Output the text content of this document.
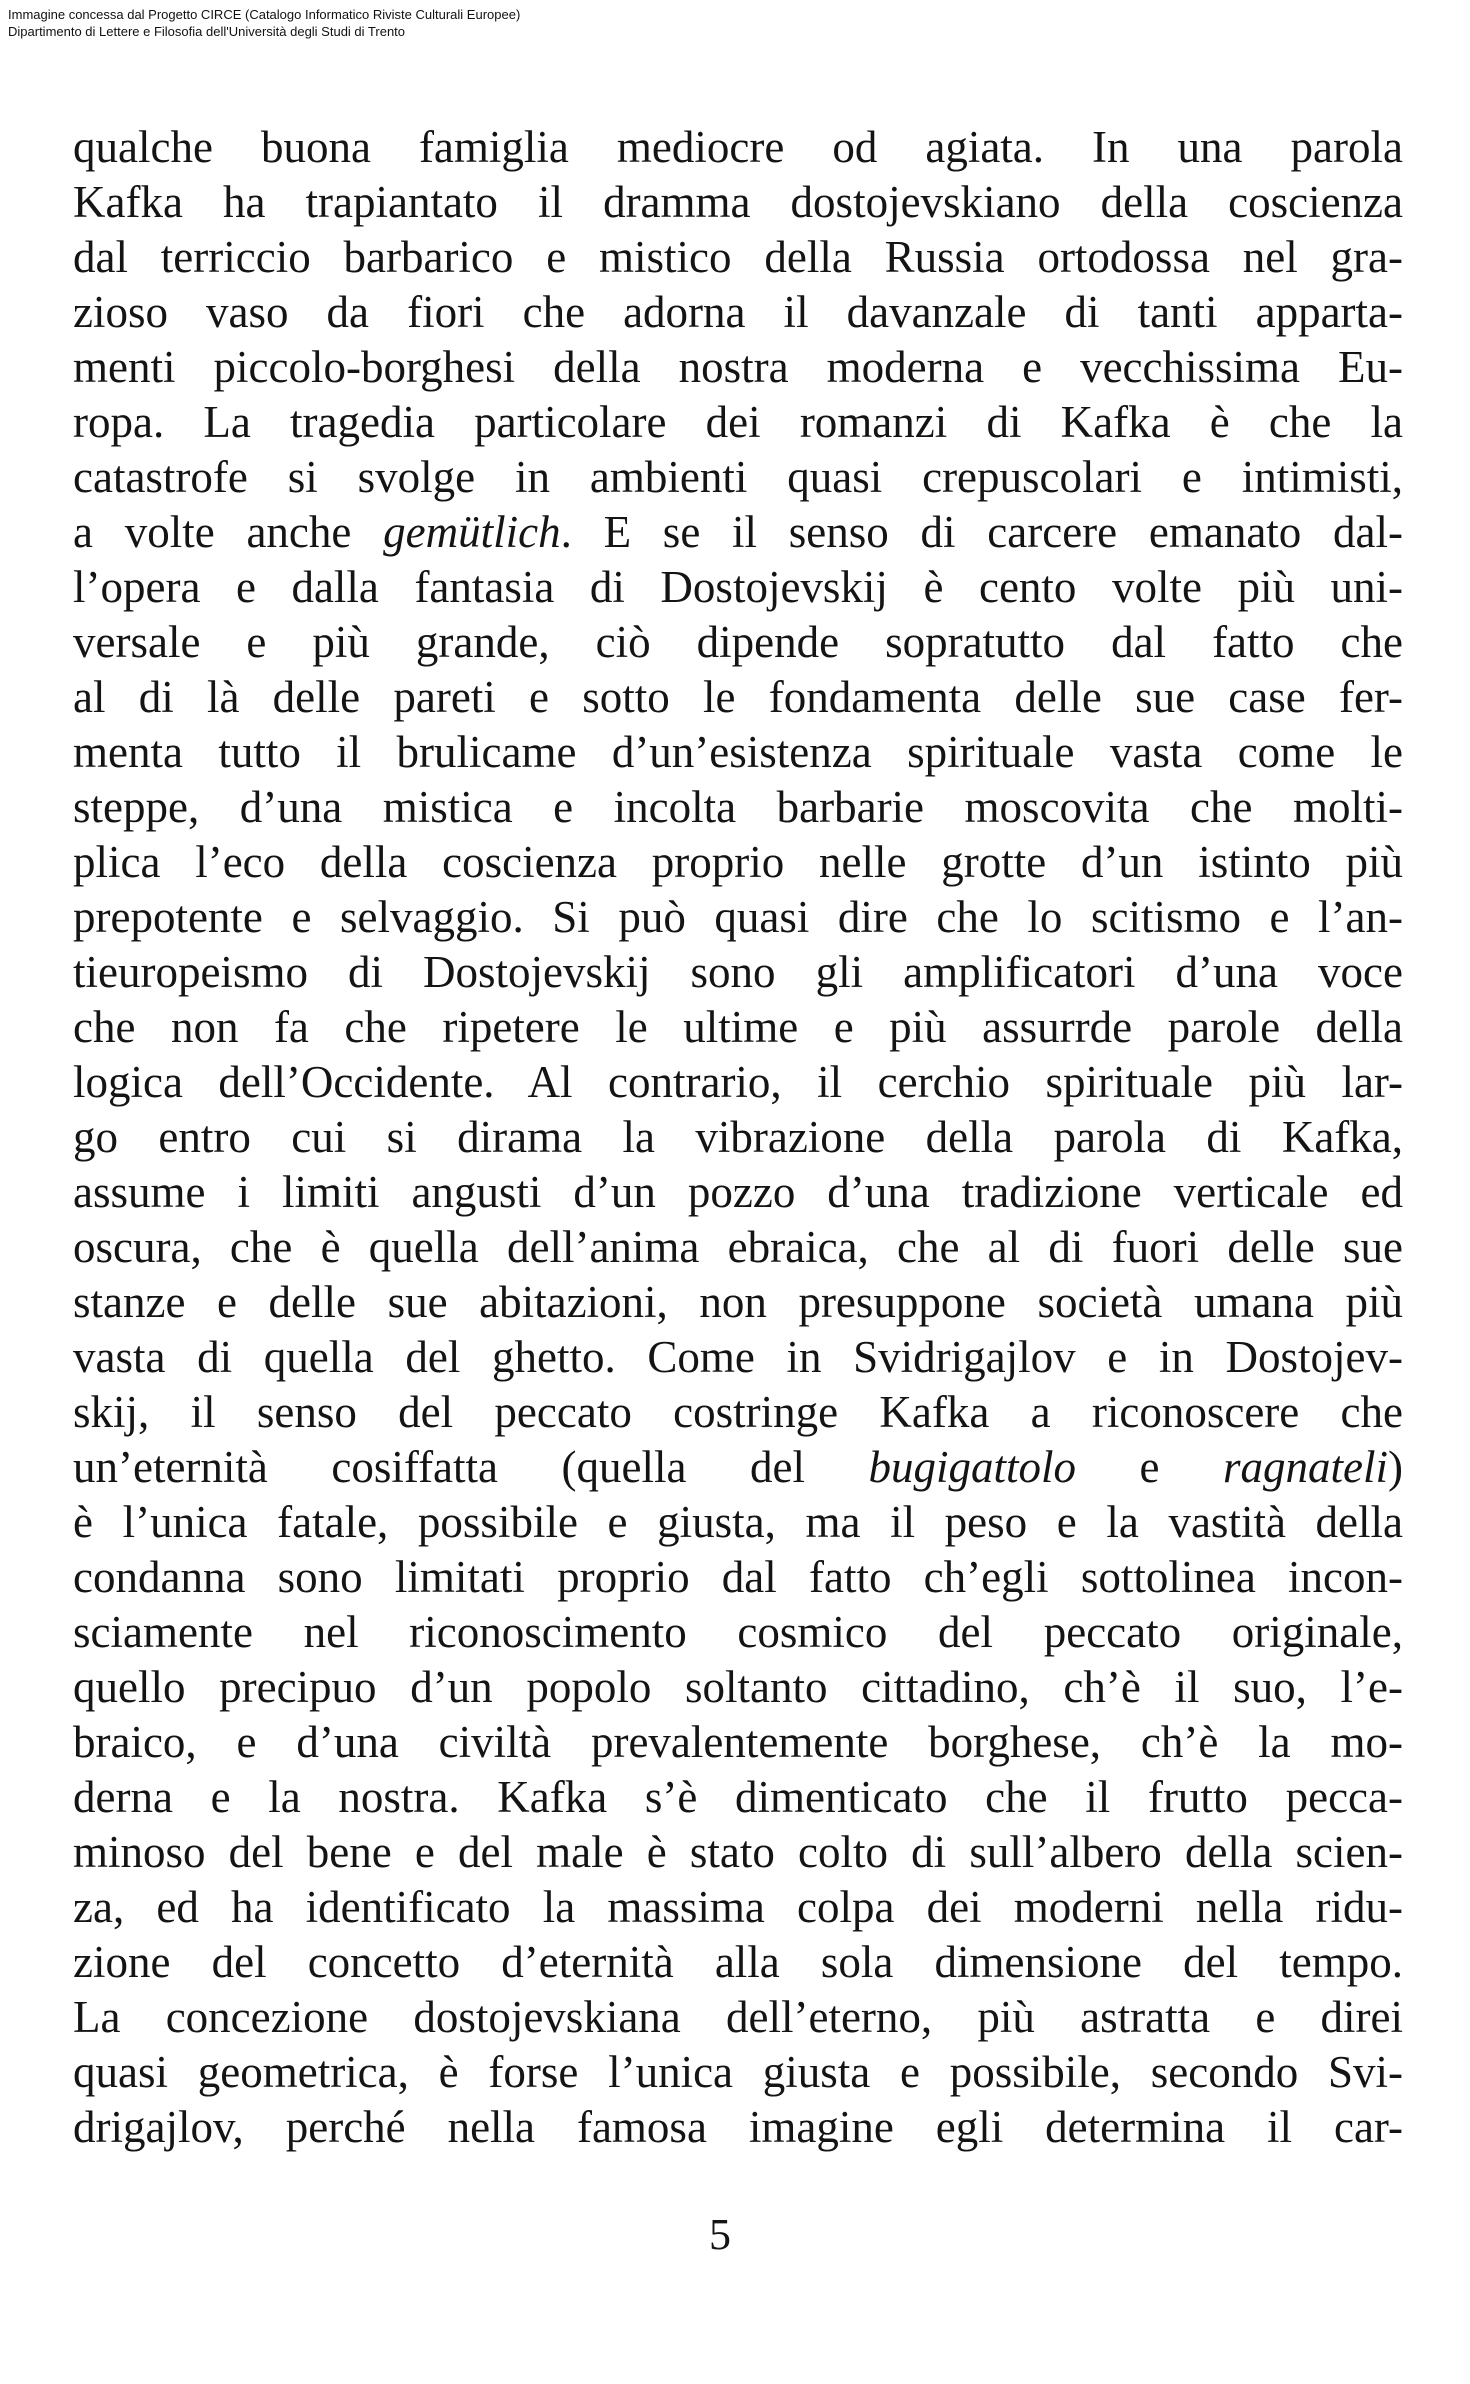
Immagine concessa dal Progetto CIRCE (Catalogo Informatico Riviste Culturali Europee)
Dipartimento di Lettere e Filosofia dell'Università degli Studi di Trento
qualche buona famiglia mediocre od agiata. In una parola
Kafka ha trapiantato il dramma dostojevskiano della coscienza
dal terriccio barbarico e mistico della Russia ortodossa nel gra-
zioso vaso da fiori che adorna il davanzale di tanti apparta-
menti piccolo-borghesi della nostra moderna e vecchissima Eu-
ropa. La tragedia particolare dei romanzi di Kafka è che la
catastrofe si svolge in ambienti quasi crepuscolari e intimisti,
a volte anche gemütlich. E se il senso di carcere emanato dal-
l’opera e dalla fantasia di Dostojevskij è cento volte più uni-
versale e più grande, ciò dipende sopratutto dal fatto che
al di là delle pareti e sotto le fondamenta delle sue case fer-
menta tutto il brulicame d’un’esistenza spirituale vasta come le
steppe, d’una mistica e incolta barbarie moscovita che molti-
plica l’eco della coscienza proprio nelle grotte d’un istinto più
prepotente e selvaggio. Si può quasi dire che lo scitismo e l’an-
tieuropeismo di Dostojevskij sono gli amplificatori d’una voce
che non fa che ripetere le ultime e più assurrde parole della
logica dell’Occidente. Al contrario, il cerchio spirituale più lar-
go entro cui si dirama la vibrazione della parola di Kafka,
assume i limiti angusti d’un pozzo d’una tradizione verticale ed
oscura, che è quella dell’anima ebraica, che al di fuori delle sue
stanze e delle sue abitazioni, non presuppone società umana più
vasta di quella del ghetto. Come in Svidrigajlov e in Dostojev-
skij, il senso del peccato costringe Kafka a riconoscere che
un’eternità cosiffatta (quella del bugigattolo e ragnateli)
è l’unica fatale, possibile e giusta, ma il peso e la vastità della
condanna sono limitati proprio dal fatto ch’egli sottolinea incon-
sciamente nel riconoscimento cosmico del peccato originale,
quello precipuo d’un popolo soltanto cittadino, ch’è il suo, l’e-
braico, e d’una civiltà prevalentemente borghese, ch’è la mo-
derna e la nostra. Kafka s’è dimenticato che il frutto pecca-
minoso del bene e del male è stato colto di sull’albero della scien-
za, ed ha identificato la massima colpa dei moderni nella ridu-
zione del concetto d’eternità alla sola dimensione del tempo.
La concezione dostojevskiana dell’eterno, più astratta e direi
quasi geometrica, è forse l’unica giusta e possibile, secondo Svi-
drigajlov, perché nella famosa imagine egli determina il car-
5
